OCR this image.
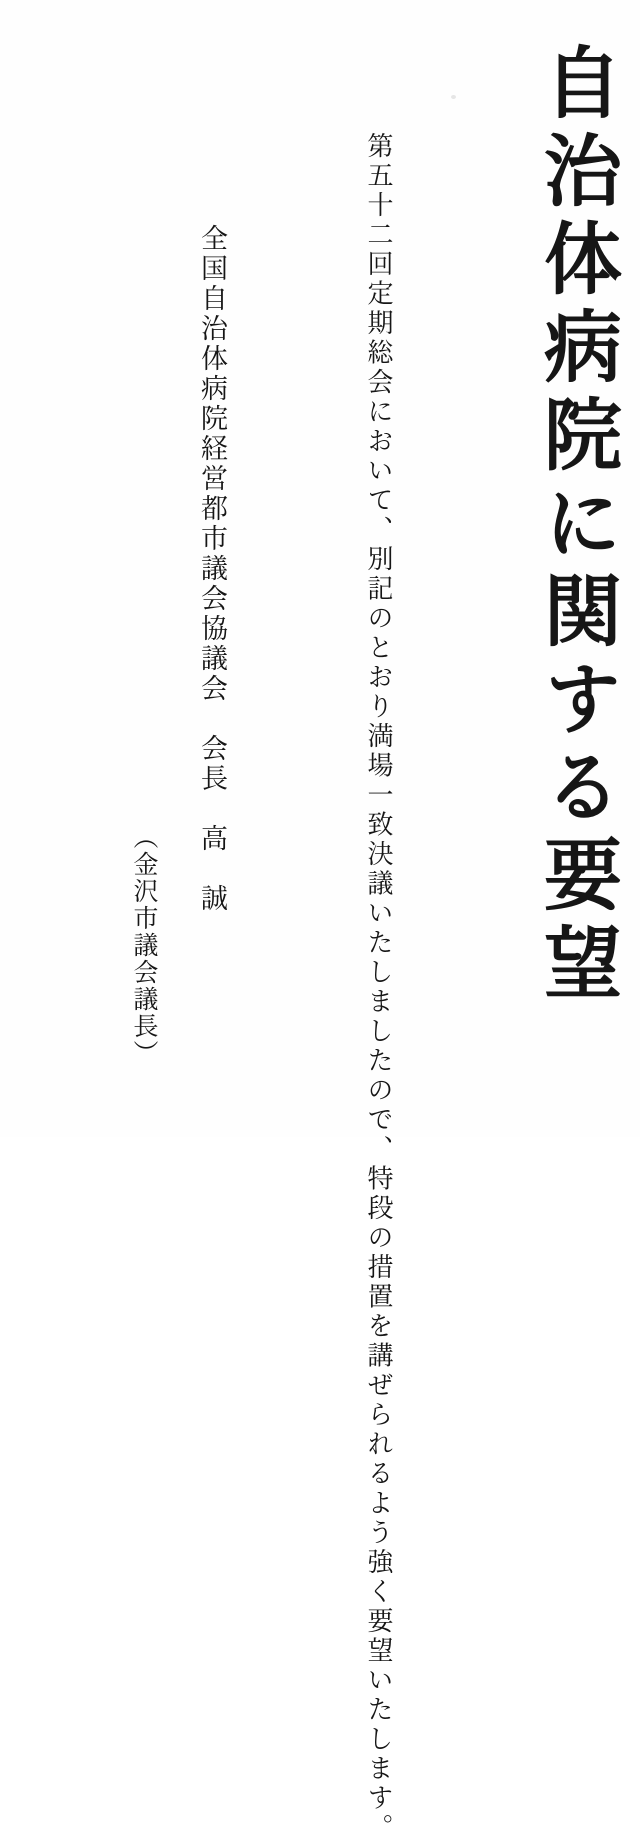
自治体病院に関する要望
第五十二回定期総会において、別記のとおり満場一致決議いたしましたので、特段の措置を講ぜられるよう強く要望いたします。
全国自治体病院経営都市議会協議会　会長　高　誠
（金沢市議会議長）
